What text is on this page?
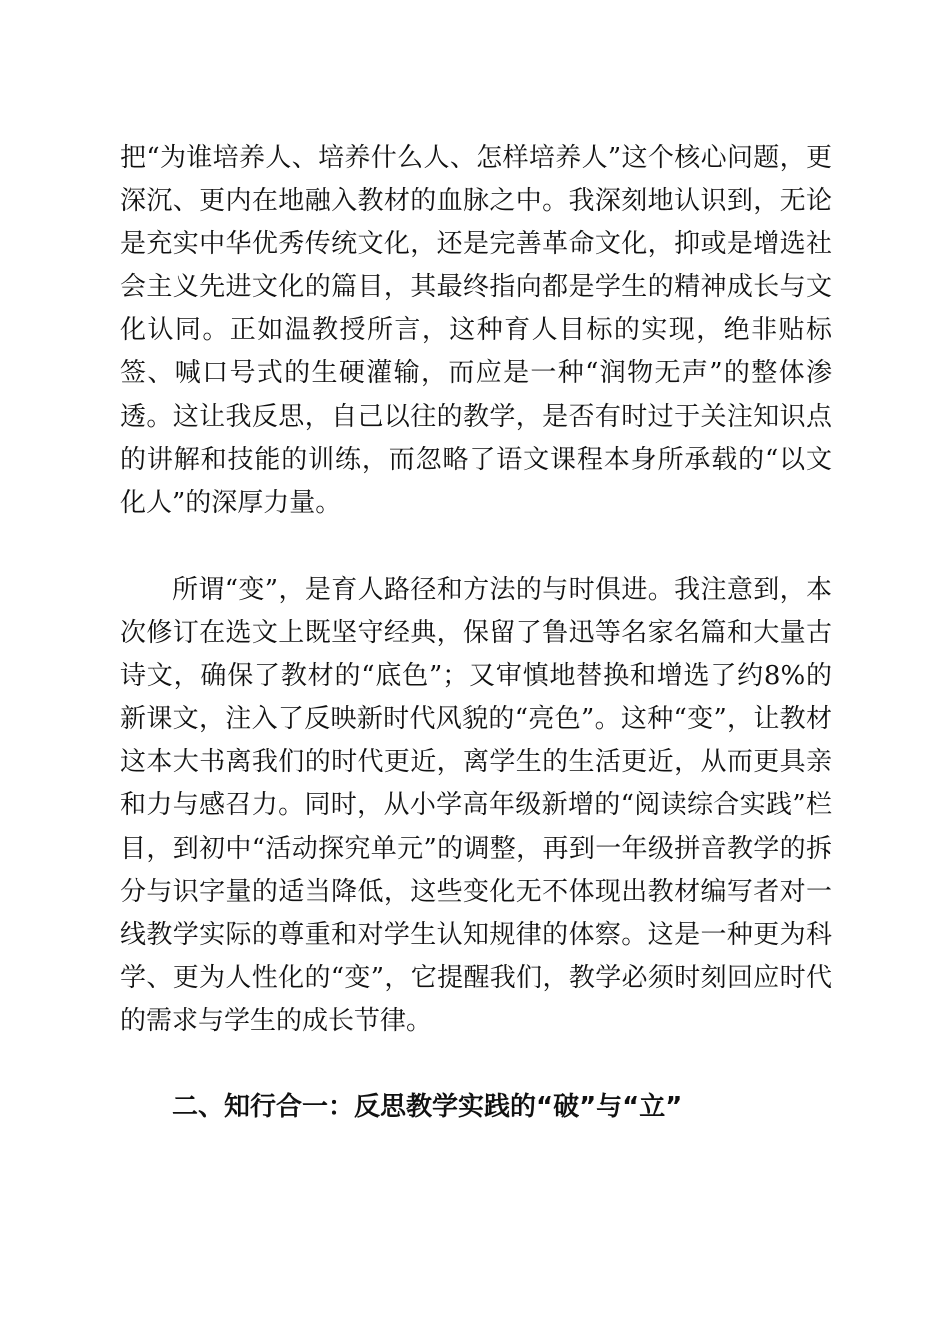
把“为谁培养人、培养什么人、怎样培养人”这个核心问题，更深沉、更内在地融入教材的血脉之中。我深刻地认识到，无论是充实中华优秀传统文化，还是完善革命文化，抑或是增选社会主义先进文化的篇目，其最终指向都是学生的精神成长与文化认同。正如温教授所言，这种育人目标的实现，绝非贴标签、喊口号式的生硬灌输，而应是一种“润物无声”的整体渗透。这让我反思，自己以往的教学，是否有时过于关注知识点的讲解和技能的训练，而忽略了语文课程本身所承载的“以文化人”的深厚力量。

所谓“变”，是育人路径和方法的与时俱进。我注意到，本次修订在选文上既坚守经典，保留了鲁迅等名家名篇和大量古诗文，确保了教材的“底色”；又审慎地替换和增选了约8%的新课文，注入了反映新时代风貌的“亮色”。这种“变”，让教材这本大书离我们的时代更近，离学生的生活更近，从而更具亲和力与感召力。同时，从小学高年级新增的“阅读综合实践”栏目，到初中“活动探究单元”的调整，再到一年级拼音教学的拆分与识字量的适当降低，这些变化无不体现出教材编写者对一线教学实际的尊重和对学生认知规律的体察。这是一种更为科学、更为人性化的“变”，它提醒我们，教学必须时刻回应时代的需求与学生的成长节律。

二、知行合一：反思教学实践的“破”与“立”
